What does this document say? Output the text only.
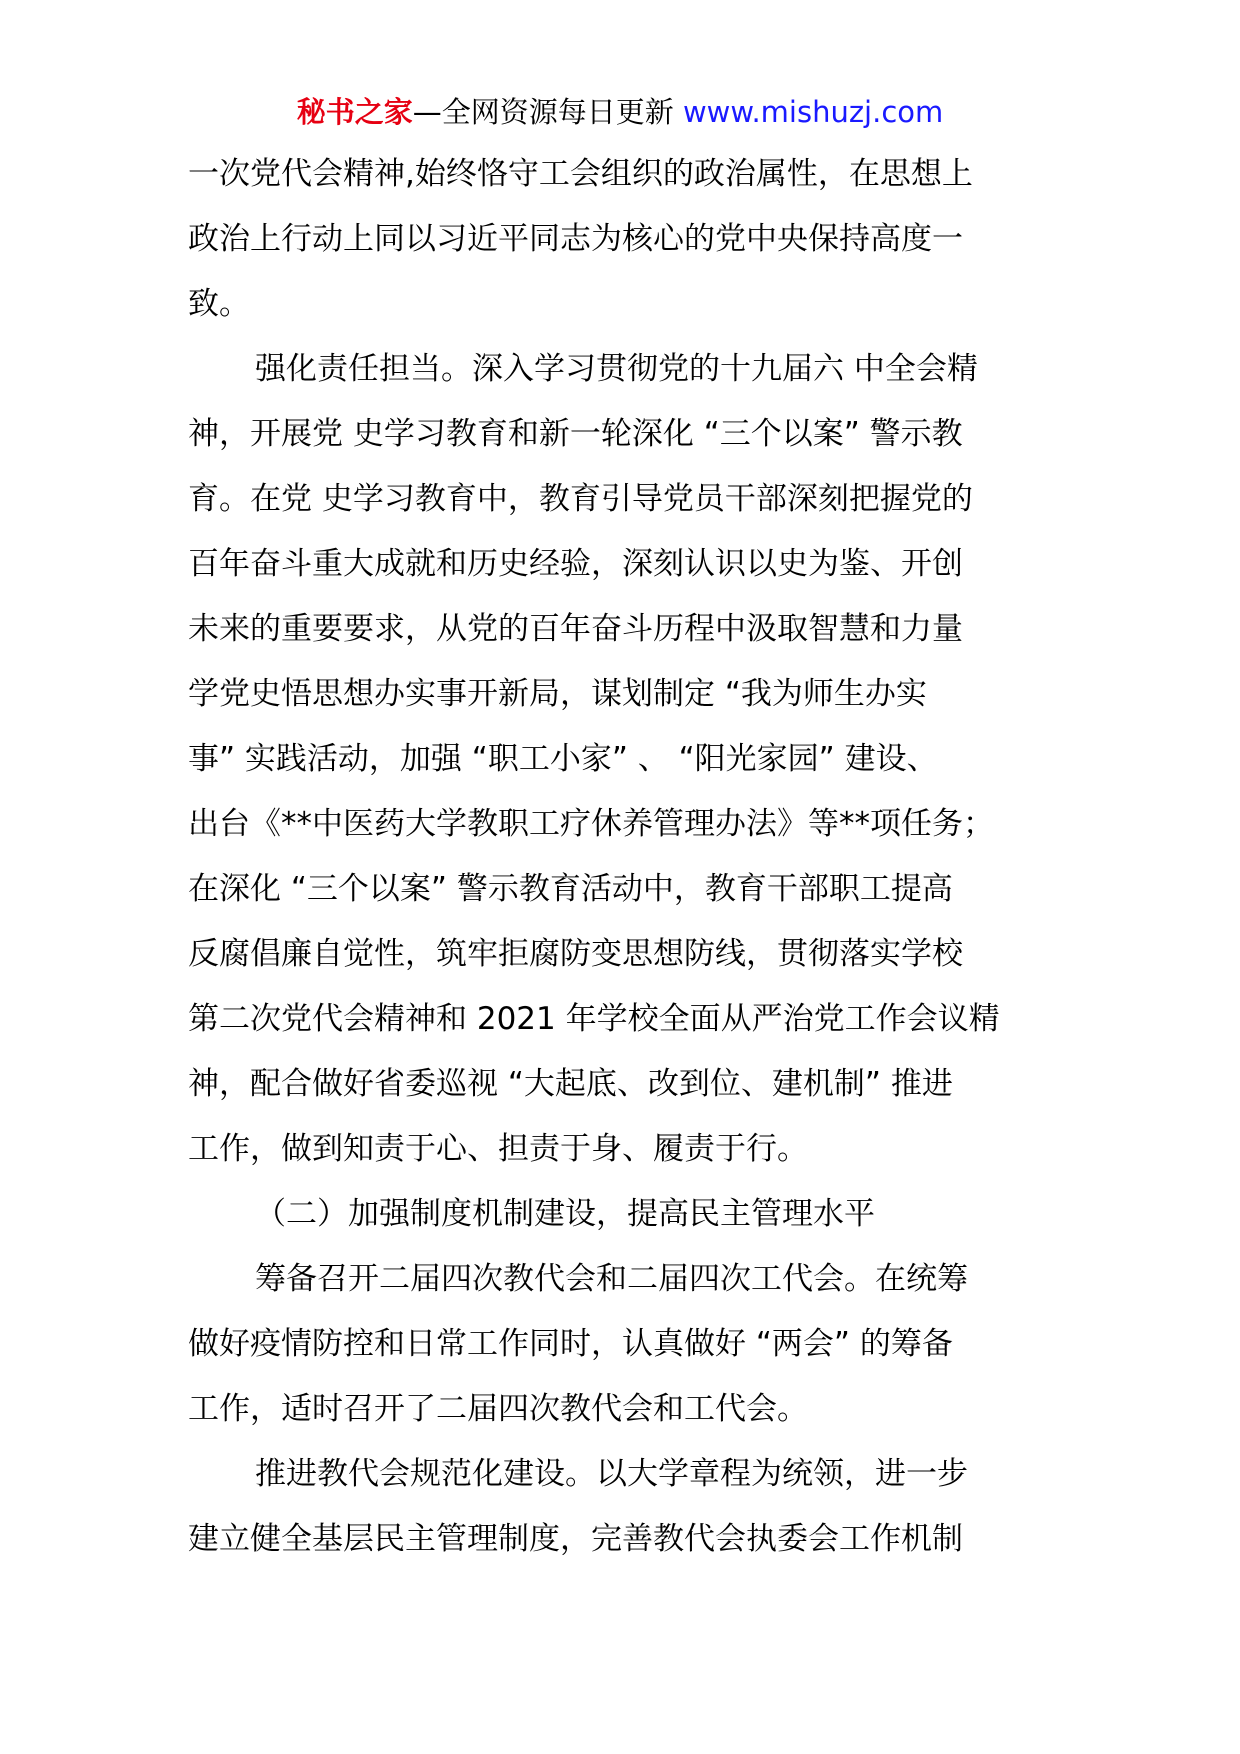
秘书之家—全网资源每日更新 www.mishuzj.com
一次党代会精神,始终恪守工会组织的政治属性，在思想上
政治上行动上同以习近平同志为核心的党中央保持高度一
致。
强化责任担当。深入学习贯彻党的十九届六 中全会精
神，开展党 史学习教育和新一轮深化 “三个以案” 警示教
育。在党 史学习教育中，教育引导党员干部深刻把握党的
百年奋斗重大成就和历史经验，深刻认识以史为鉴、开创
未来的重要要求，从党的百年奋斗历程中汲取智慧和力量
学党史悟思想办实事开新局，谋划制定 “我为师生办实
事” 实践活动，加强 “职工小家” 、 “阳光家园” 建设、
出台《**中医药大学教职工疗休养管理办法》等**项任务；
在深化 “三个以案” 警示教育活动中，教育干部职工提高
反腐倡廉自觉性，筑牢拒腐防变思想防线，贯彻落实学校
第二次党代会精神和 2021 年学校全面从严治党工作会议精
神，配合做好省委巡视 “大起底、改到位、建机制” 推进
工作，做到知责于心、担责于身、履责于行。
（二）加强制度机制建设，提高民主管理水平
筹备召开二届四次教代会和二届四次工代会。在统筹
做好疫情防控和日常工作同时，认真做好 “两会” 的筹备
工作，适时召开了二届四次教代会和工代会。
推进教代会规范化建设。以大学章程为统领，进一步
建立健全基层民主管理制度，完善教代会执委会工作机制
